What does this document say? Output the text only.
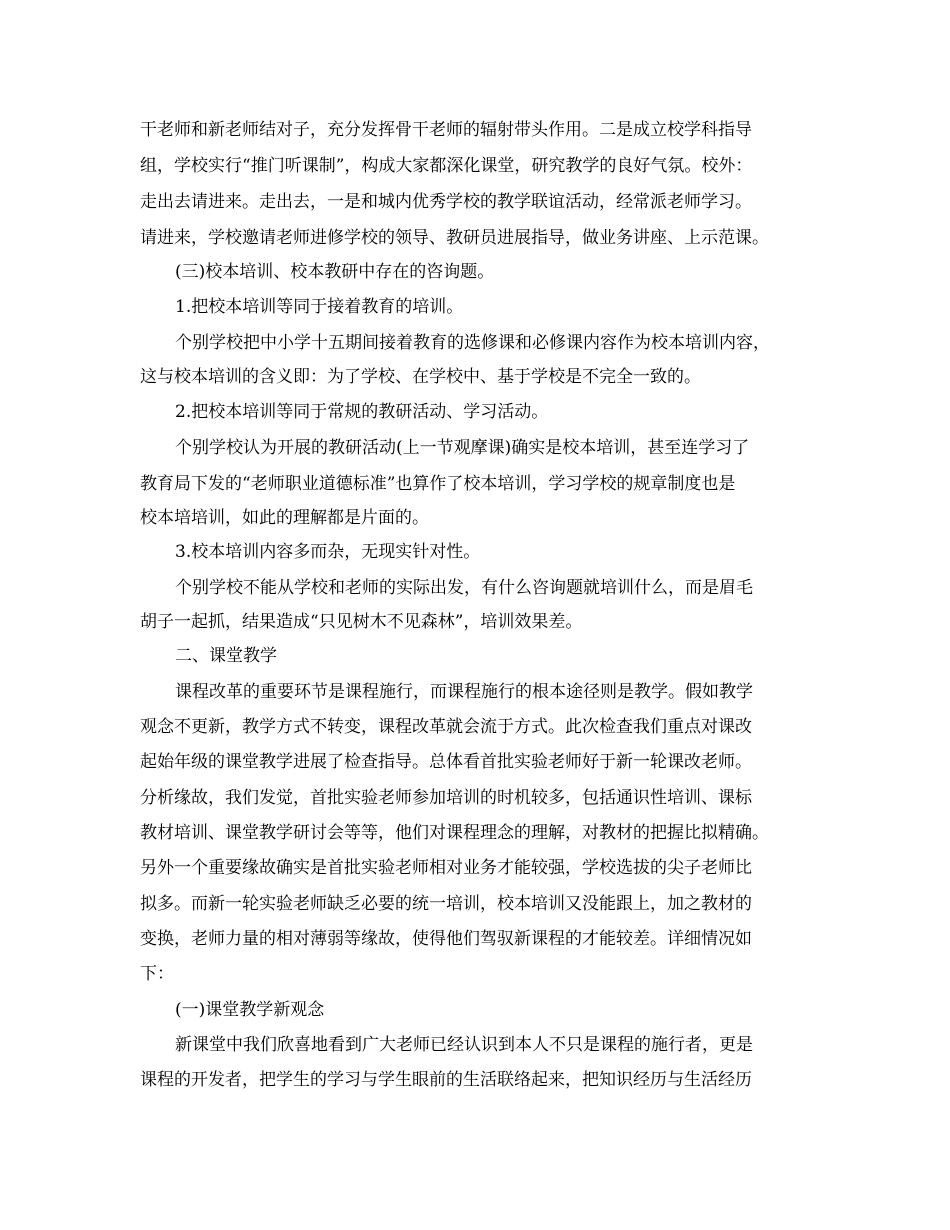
干老师和新老师结对子，充分发挥骨干老师的辐射带头作用。二是成立校学科指导
组，学校实行“推门听课制”，构成大家都深化课堂，研究教学的良好气氛。校外：
走出去请进来。走出去，一是和城内优秀学校的教学联谊活动，经常派老师学习。
请进来，学校邀请老师进修学校的领导、教研员进展指导，做业务讲座、上示范课。
(三)校本培训、校本教研中存在的咨询题。
1.把校本培训等同于接着教育的培训。
个别学校把中小学十五期间接着教育的选修课和必修课内容作为校本培训内容，
这与校本培训的含义即：为了学校、在学校中、基于学校是不完全一致的。
2.把校本培训等同于常规的教研活动、学习活动。
个别学校认为开展的教研活动(上一节观摩课)确实是校本培训，甚至连学习了
教育局下发的“老师职业道德标准”也算作了校本培训，学习学校的规章制度也是
校本培培训，如此的理解都是片面的。
3.校本培训内容多而杂，无现实针对性。
个别学校不能从学校和老师的实际出发，有什么咨询题就培训什么，而是眉毛
胡子一起抓，结果造成“只见树木不见森林”，培训效果差。
二、课堂教学
课程改革的重要环节是课程施行，而课程施行的根本途径则是教学。假如教学
观念不更新，教学方式不转变，课程改革就会流于方式。此次检查我们重点对课改
起始年级的课堂教学进展了检查指导。总体看首批实验老师好于新一轮课改老师。
分析缘故，我们发觉，首批实验老师参加培训的时机较多，包括通识性培训、课标
教材培训、课堂教学研讨会等等，他们对课程理念的理解，对教材的把握比拟精确。
另外一个重要缘故确实是首批实验老师相对业务才能较强，学校选拔的尖子老师比
拟多。而新一轮实验老师缺乏必要的统一培训，校本培训又没能跟上，加之教材的
变换，老师力量的相对薄弱等缘故，使得他们驾驭新课程的才能较差。详细情况如
下：
(一)课堂教学新观念
新课堂中我们欣喜地看到广大老师已经认识到本人不只是课程的施行者，更是
课程的开发者，把学生的学习与学生眼前的生活联络起来，把知识经历与生活经历
